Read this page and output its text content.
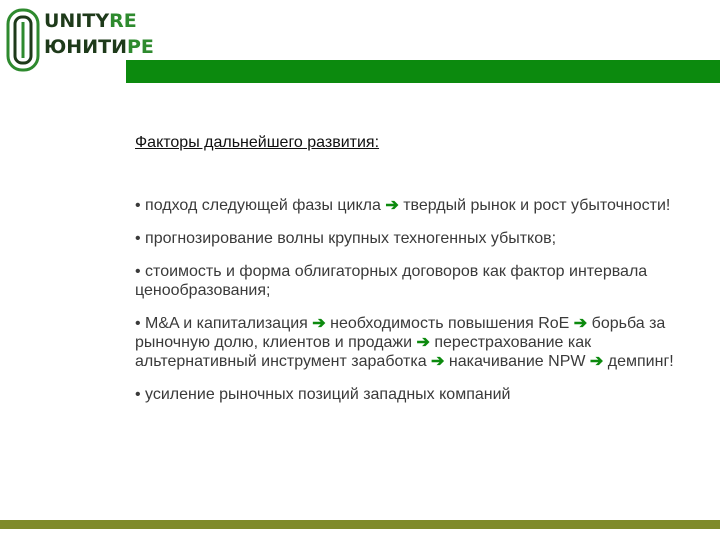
UNITYRE
ЮНИТИРЕ
Факторы дальнейшего развития:

• подход следующей фазы цикла ➔ твердый рынок и рост убыточности!

• прогнозирование волны крупных техногенных убытков;

• стоимость и форма облигаторных договоров как фактор интервала ценообразования;

• M&A и капитализация ➔ необходимость повышения RoE ➔ борьба за рыночную долю, клиентов и продажи ➔ перестрахование как альтернативный инструмент заработка ➔ накачивание NPW ➔ демпинг!

• усиление рыночных позиций западных компаний
